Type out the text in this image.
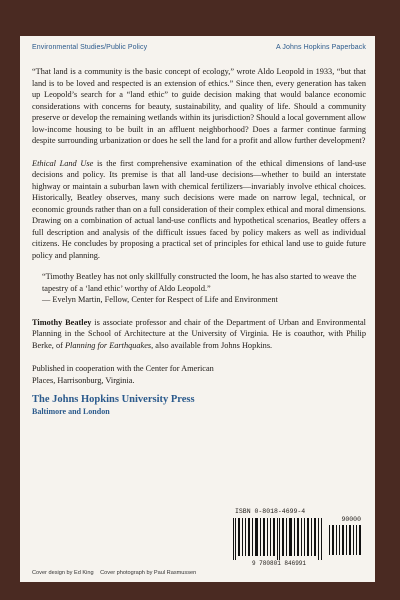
Environmental Studies/Public Policy	A Johns Hopkins Paperback

“That land is a community is the basic concept of ecology,” wrote Aldo Leopold in 1933, “but that land is to be loved and respected is an extension of ethics.” Since then, every generation has taken up Leopold’s search for a “land ethic” to guide decision making that would balance economic considerations with concerns for beauty, sustainability, and quality of life. Should a community preserve or develop the remaining wetlands within its jurisdiction? Should a local government allow low-income housing to be built in an affluent neighborhood? Does a farmer continue farming despite surrounding urbanization or does he sell the land for a profit and allow further development?

Ethical Land Use is the first comprehensive examination of the ethical dimensions of land-use decisions and policy. Its premise is that all land-use decisions—whether to build an interstate highway or maintain a suburban lawn with chemical fertilizers—invariably involve ethical choices. Historically, Beatley observes, many such decisions were made on narrow legal, technical, or economic grounds rather than on a full consideration of their complex ethical and moral dimensions. Drawing on a combination of actual land-use conflicts and hypothetical scenarios, Beatley offers a full description and analysis of the difficult issues faced by policy makers as well as individual citizens. He concludes by proposing a practical set of principles for ethical land use to guide future policy and planning.

“Timothy Beatley has not only skillfully constructed the loom, he has also started to weave the tapestry of a ‘land ethic’ worthy of Aldo Leopold.”
— Evelyn Martin, Fellow, Center for Respect of Life and Environment

Timothy Beatley is associate professor and chair of the Department of Urban and Environmental Planning in the School of Architecture at the University of Virginia. He is coauthor, with Philip Berke, of Planning for Earthquakes, also available from Johns Hopkins.

Published in cooperation with the Center for American Places, Harrisonburg, Virginia.

The Johns Hopkins University Press
Baltimore and London
ISBN 0-8018-4699-4
90000
9 780801 846991
Cover design by Ed King Cover photograph by Paul Rasmussen
